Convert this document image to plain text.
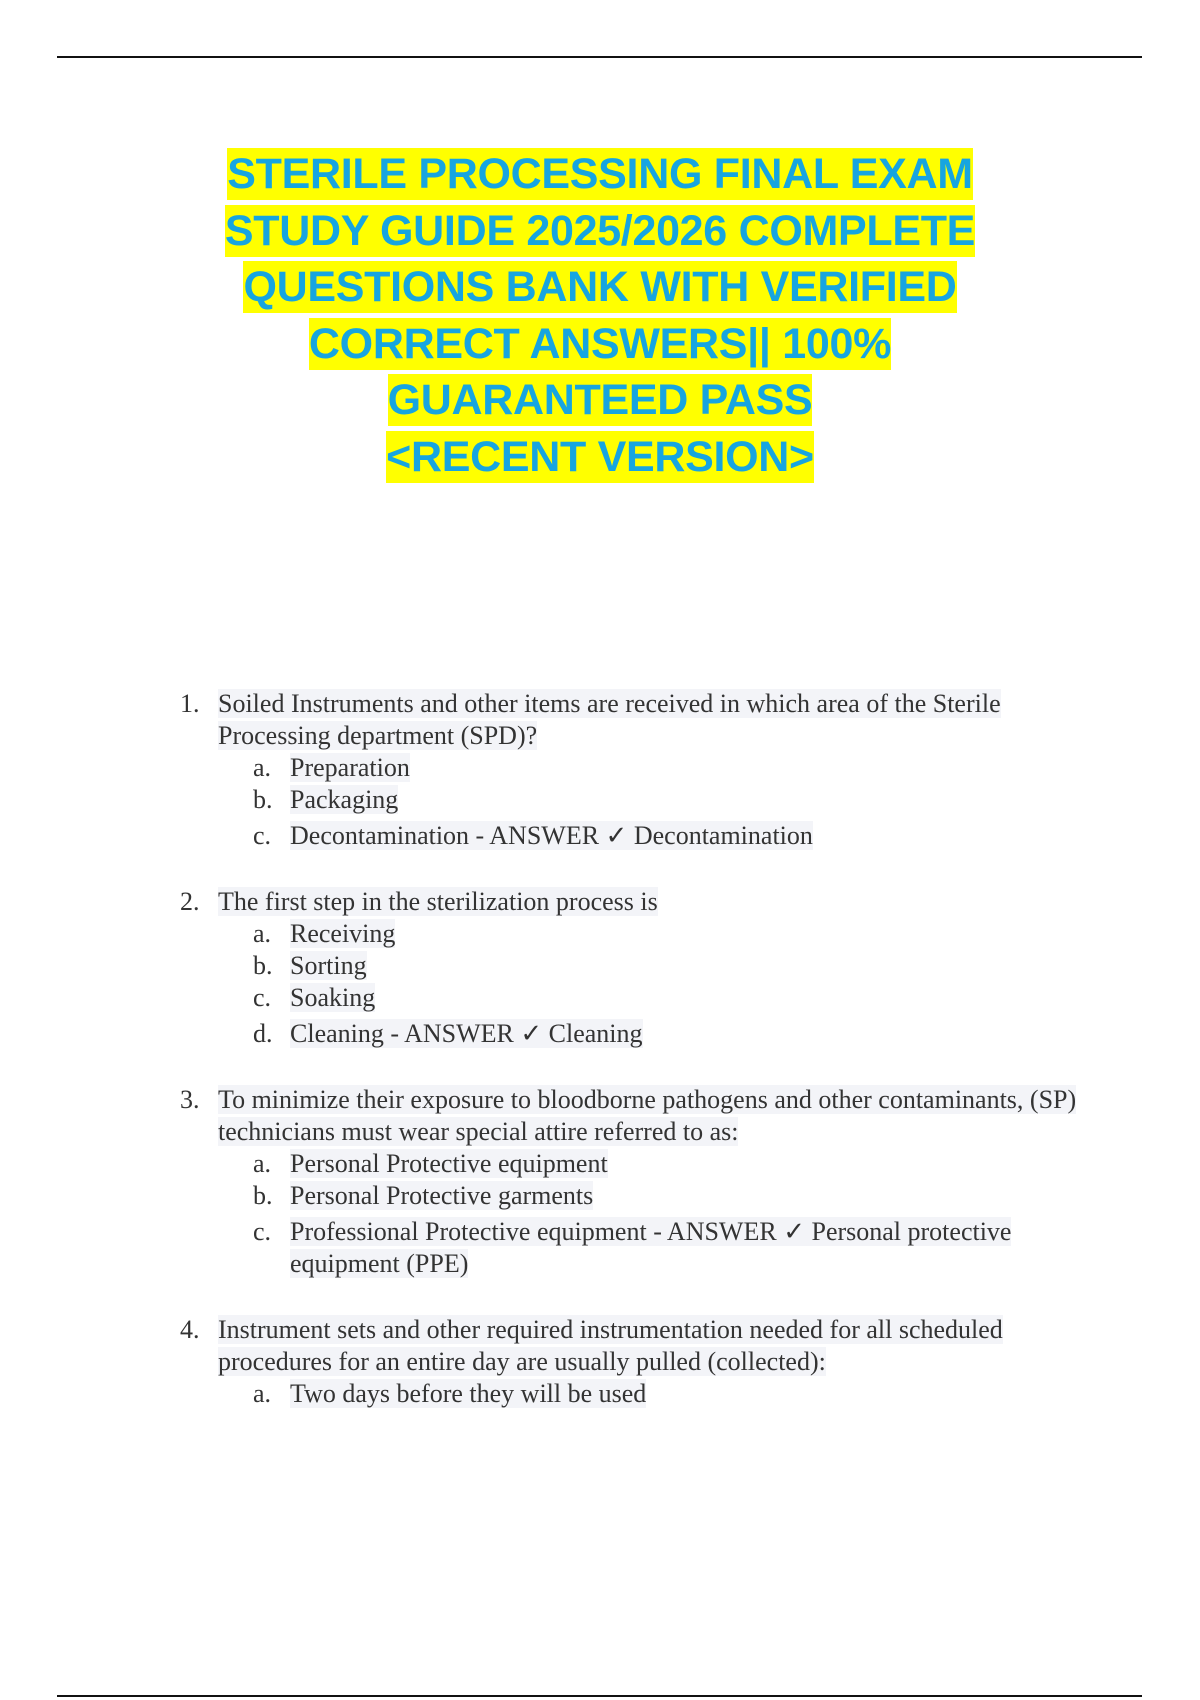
STERILE PROCESSING FINAL EXAM
STUDY GUIDE 2025/2026 COMPLETE
QUESTIONS BANK WITH VERIFIED
CORRECT ANSWERS|| 100%
GUARANTEED PASS
<RECENT VERSION>
1. Soiled Instruments and other items are received in which area of the Sterile Processing department (SPD)?
a. Preparation
b. Packaging
c. Decontamination - ANSWER ✓ Decontamination
2. The first step in the sterilization process is
a. Receiving
b. Sorting
c. Soaking
d. Cleaning - ANSWER ✓ Cleaning
3. To minimize their exposure to bloodborne pathogens and other contaminants, (SP) technicians must wear special attire referred to as:
a. Personal Protective equipment
b. Personal Protective garments
c. Professional Protective equipment - ANSWER ✓ Personal protective equipment (PPE)
4. Instrument sets and other required instrumentation needed for all scheduled procedures for an entire day are usually pulled (collected):
a. Two days before they will be used
